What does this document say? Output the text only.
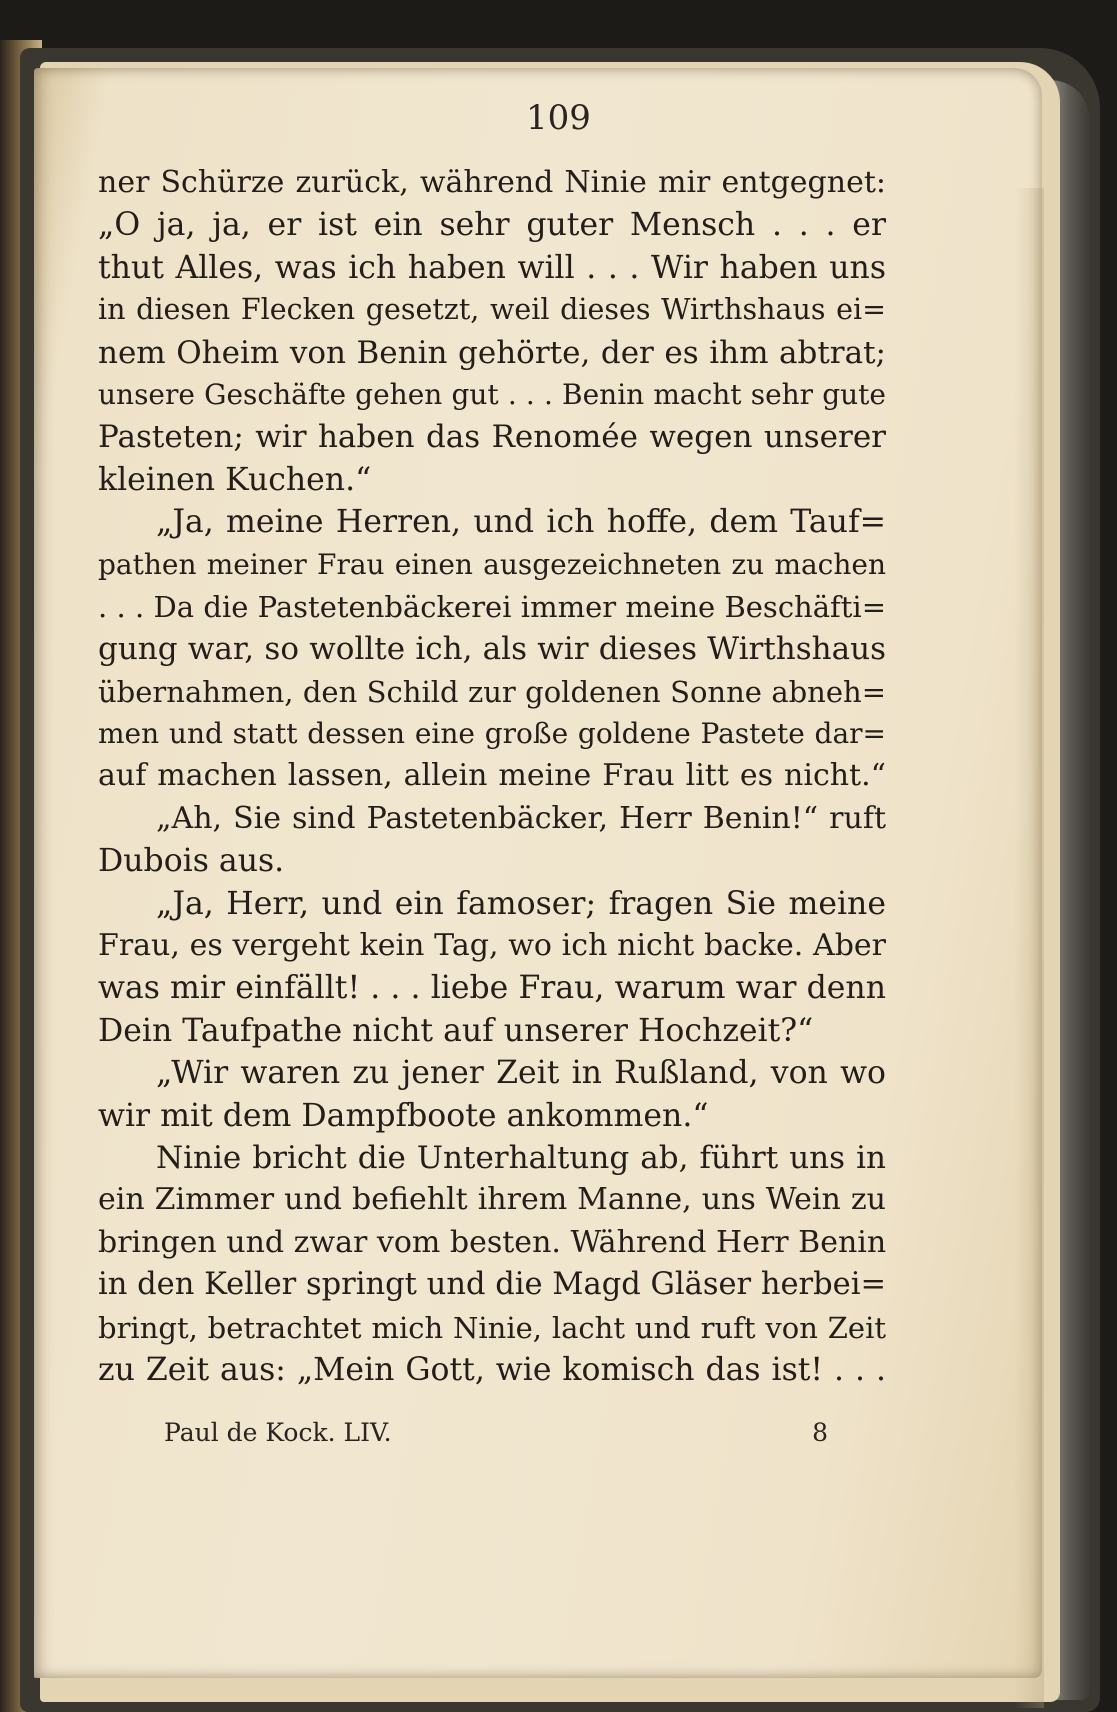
109
ner Schürze zurück, während Ninie mir entgegnet:
„O ja, ja, er ist ein sehr guter Mensch . . . er
thut Alles, was ich haben will . . . Wir haben uns
in diesen Flecken gesetzt, weil dieses Wirthshaus ei=
nem Oheim von Benin gehörte, der es ihm abtrat;
unsere Geschäfte gehen gut . . . Benin macht sehr gute
Pasteten; wir haben das Renomée wegen unserer
kleinen Kuchen.“
„Ja, meine Herren, und ich hoffe, dem Tauf=
pathen meiner Frau einen ausgezeichneten zu machen
. . . Da die Pastetenbäckerei immer meine Beschäfti=
gung war, so wollte ich, als wir dieses Wirthshaus
übernahmen, den Schild zur goldenen Sonne abneh=
men und statt dessen eine große goldene Pastete dar=
auf machen lassen, allein meine Frau litt es nicht.“
„Ah, Sie sind Pastetenbäcker, Herr Benin!“ ruft
Dubois aus.
„Ja, Herr, und ein famoser; fragen Sie meine
Frau, es vergeht kein Tag, wo ich nicht backe. Aber
was mir einfällt! . . . liebe Frau, warum war denn
Dein Taufpathe nicht auf unserer Hochzeit?“
„Wir waren zu jener Zeit in Rußland, von wo
wir mit dem Dampfboote ankommen.“
Ninie bricht die Unterhaltung ab, führt uns in
ein Zimmer und befiehlt ihrem Manne, uns Wein zu
bringen und zwar vom besten. Während Herr Benin
in den Keller springt und die Magd Gläser herbei=
bringt, betrachtet mich Ninie, lacht und ruft von Zeit
zu Zeit aus: „Mein Gott, wie komisch das ist! . . .
Paul de Kock. LIV.	8
